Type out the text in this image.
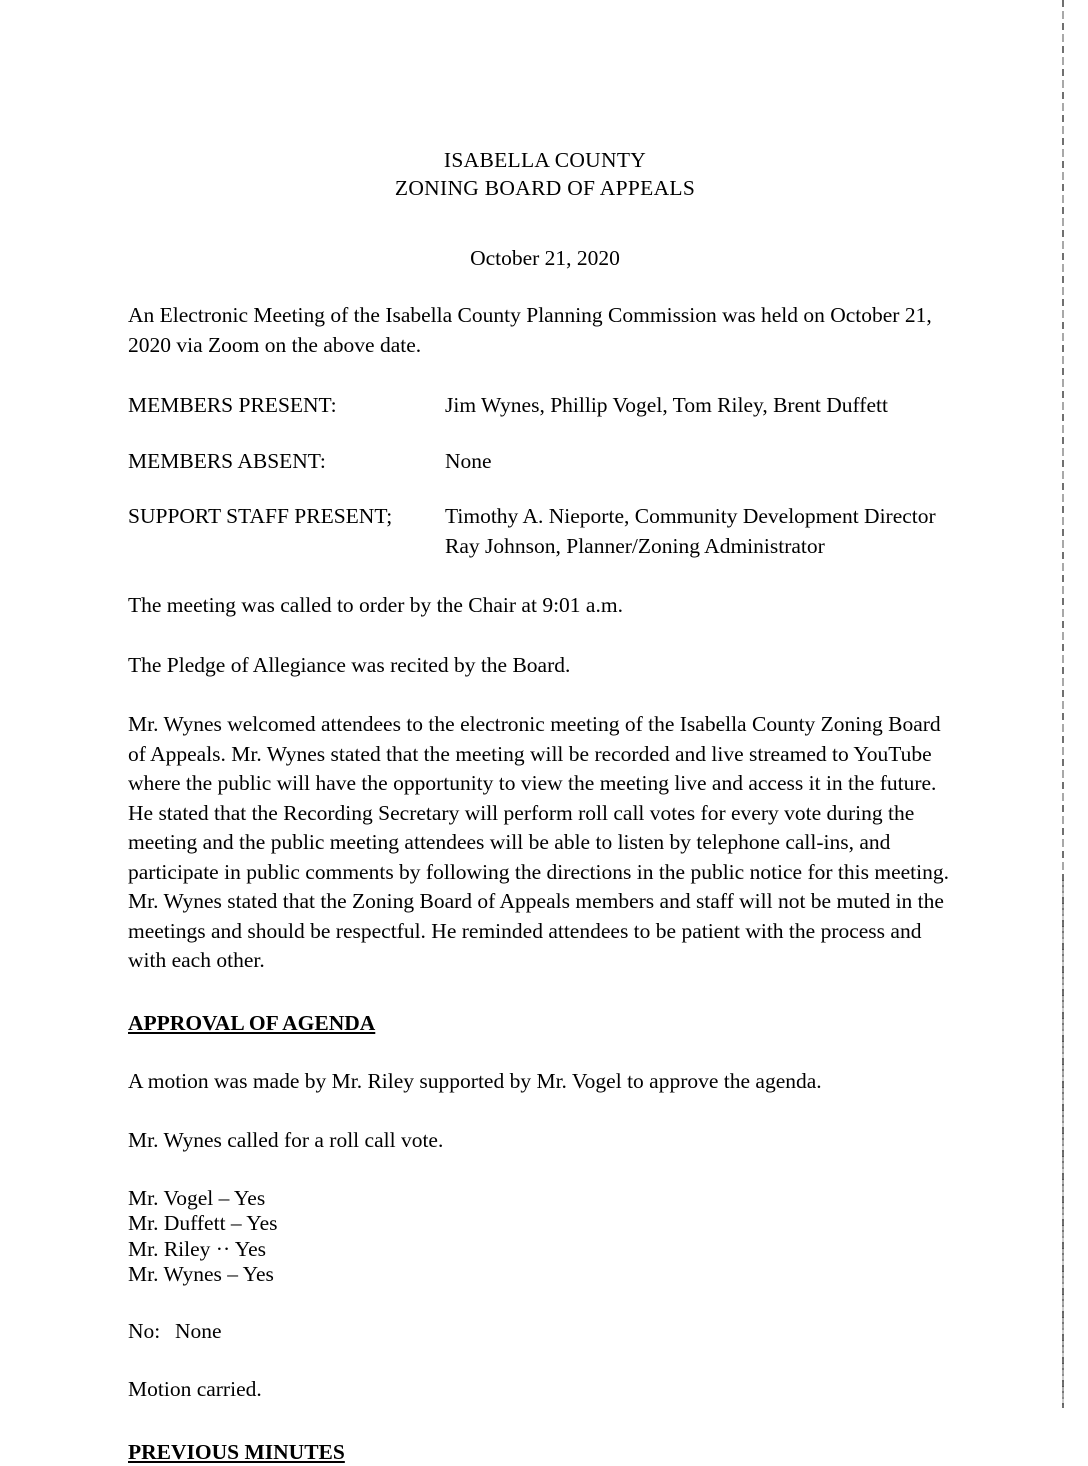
ISABELLA COUNTY
ZONING BOARD OF APPEALS
October 21, 2020

An Electronic Meeting of the Isabella County Planning Commission was held on October 21, 2020 via Zoom on the above date.

MEMBERS PRESENT:	Jim Wynes, Phillip Vogel, Tom Riley, Brent Duffett
MEMBERS ABSENT:	None
SUPPORT STAFF PRESENT;	Timothy A. Nieporte, Community Development Director
Ray Johnson, Planner/Zoning Administrator

The meeting was called to order by the Chair at 9:01 a.m.

The Pledge of Allegiance was recited by the Board.

Mr. Wynes welcomed attendees to the electronic meeting of the Isabella County Zoning Board of Appeals. Mr. Wynes stated that the meeting will be recorded and live streamed to YouTube where the public will have the opportunity to view the meeting live and access it in the future. He stated that the Recording Secretary will perform roll call votes for every vote during the meeting and the public meeting attendees will be able to listen by telephone call-ins, and participate in public comments by following the directions in the public notice for this meeting. Mr. Wynes stated that the Zoning Board of Appeals members and staff will not be muted in the meetings and should be respectful. He reminded attendees to be patient with the process and with each other.

APPROVAL OF AGENDA

A motion was made by Mr. Riley supported by Mr. Vogel to approve the agenda.

Mr. Wynes called for a roll call vote.

Mr. Vogel – Yes
Mr. Duffett – Yes
Mr. Riley ·· Yes
Mr. Wynes – Yes
No: None

Motion carried.

PREVIOUS MINUTES
